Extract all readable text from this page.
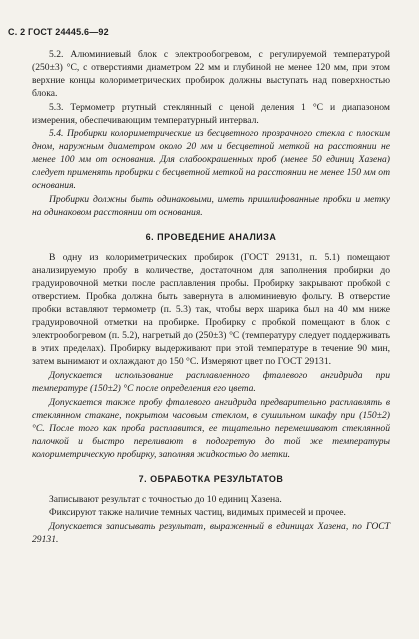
С. 2 ГОСТ 24445.6—92

5.2. Алюминиевый блок с электрообогревом, с регулируемой температурой (250±3) °С, с отверстиями диаметром 22 мм и глубиной не менее 120 мм, при этом верхние концы колориметрических пробирок должны выступать над поверхностью блока.

5.3. Термометр ртутный стеклянный с ценой деления 1 °С и диапазоном измерения, обеспечивающим температурный интервал.

5.4. Пробирки колориметрические из бесцветного прозрачного стекла с плоским дном, наружным диаметром около 20 мм и бесцветной меткой на расстоянии не менее 100 мм от основания. Для слабоокрашенных проб (менее 50 единиц Хазена) следует применять пробирки с бесцветной меткой на расстоянии не менее 150 мм от основания.

Пробирки должны быть одинаковыми, иметь пришлифованные пробки и метку на одинаковом расстоянии от основания.

6. ПРОВЕДЕНИЕ АНАЛИЗА

В одну из колориметрических пробирок (ГОСТ 29131, п. 5.1) помещают анализируемую пробу в количестве, достаточном для заполнения пробирки до градуировочной метки после расплавления пробы. Пробирку закрывают пробкой с отверстием. Пробка должна быть завернута в алюминиевую фольгу. В отверстие пробки вставляют термометр (п. 5.3) так, чтобы верх шарика был на 40 мм ниже градуировочной отметки на пробирке. Пробирку с пробкой помещают в блок с электрообогревом (п. 5.2), нагретый до (250±3) °С (температуру следует поддерживать в этих пределах). Пробирку выдерживают при этой температуре в течение 90 мин, затем вынимают и охлаждают до 150 °С. Измеряют цвет по ГОСТ 29131.

Допускается использование расплавленного фталевого ангидрида при температуре (150±2) °С после определения его цвета.

Допускается также пробу фталевого ангидрида предварительно расплавлять в стеклянном стакане, покрытом часовым стеклом, в сушильном шкафу при (150±2) °С. После того как проба расплавится, ее тщательно перемешивают стеклянной палочкой и быстро переливают в подогретую до той же температуры колориметрическую пробирку, заполняя жидкостью до метки.

7. ОБРАБОТКА РЕЗУЛЬТАТОВ

Записывают результат с точностью до 10 единиц Хазена.

Фиксируют также наличие темных частиц, видимых примесей и прочее.

Допускается записывать результат, выраженный в единицах Хазена, по ГОСТ 29131.
